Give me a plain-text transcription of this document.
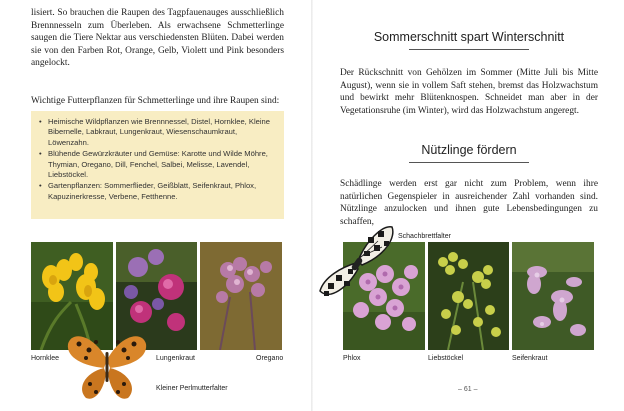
lisiert. So brauchen die Raupen des Tagpfauenauges ausschließlich Brennnesseln zum Überleben. Als erwachsene Schmetterlinge saugen die Tiere Nektar aus verschiedensten Blüten. Dabei werden sie von den Farben Rot, Orange, Gelb, Violett und Pink besonders angelockt.

Wichtige Futterpflanzen für Schmetterlinge und ihre Raupen sind:

• Heimische Wildpflanzen wie Brennnessel, Distel, Hornklee, Kleine Bibernelle, Labkraut, Lungenkraut, Wiesenschaumkraut, Löwenzahn.
• Blühende Gewürzkräuter und Gemüse: Karotte und Wilde Möhre, Thymian, Oregano, Dill, Fenchel, Salbei, Melisse, Lavendel, Liebstöckel.
• Gartenpflanzen: Sommerflieder, Geißblatt, Seifenkraut, Phlox, Kapuzinerkresse, Verbene, Fetthenne.
Hornklee	Lungenkraut	Oregano
Kleiner Perlmutterfalter
Sommerschnitt spart Winterschnitt

Der Rückschnitt von Gehölzen im Sommer (Mitte Juli bis Mitte August), wenn sie in vollem Saft stehen, bremst das Holzwachstum und bewirkt mehr Blütenknospen. Schneidet man aber in der Vegetationsruhe (im Winter), wird das Holzwachstum angeregt.

Nützlinge fördern

Schädlinge werden erst gar nicht zum Problem, wenn ihre natürlichen Gegenspieler in ausreichender Zahl vorhanden sind. Nützlinge anzulocken und ihnen gute Lebensbedingungen zu schaffen,

Schachbrettfalter
Phlox	Liebstöckel	Seifenkraut
– 61 –
